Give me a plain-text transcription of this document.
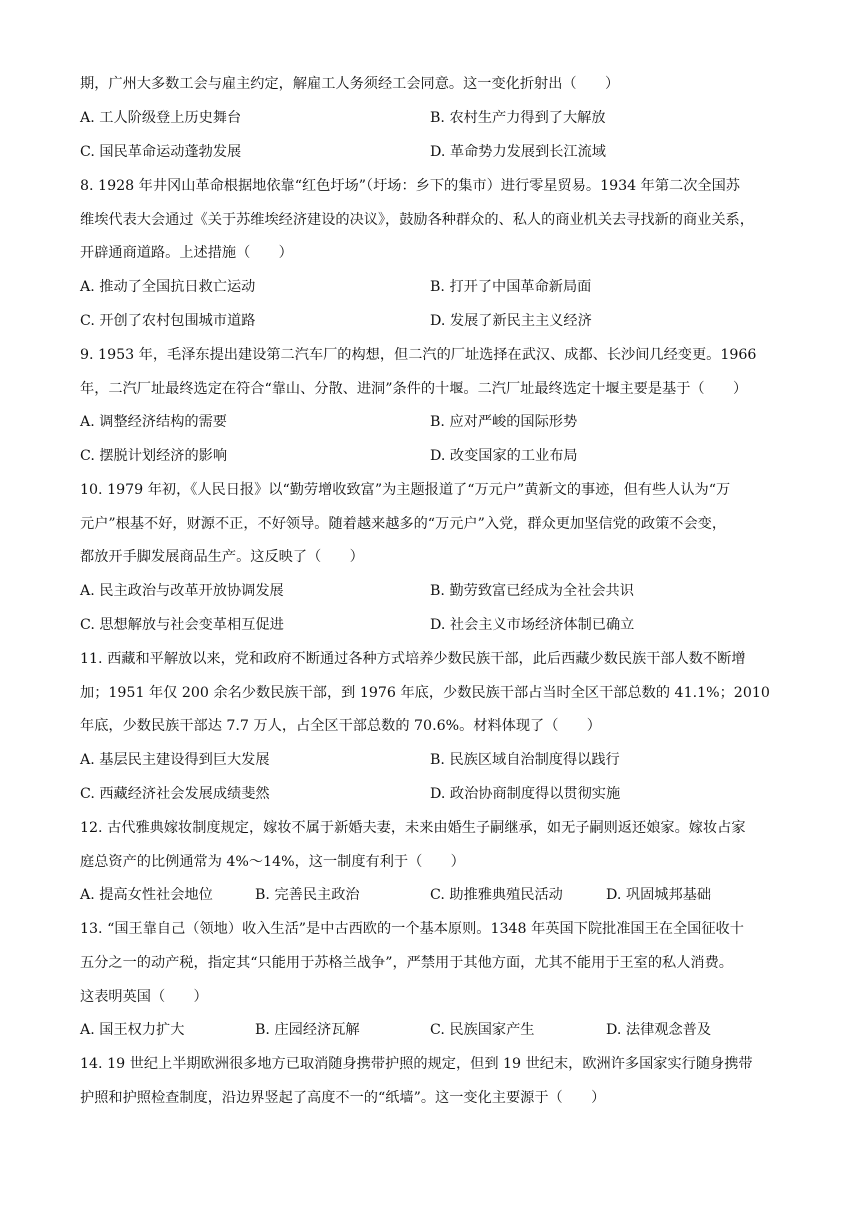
期，广州大多数工会与雇主约定，解雇工人务须经工会同意。这一变化折射出（　　）
A. 工人阶级登上历史舞台	B. 农村生产力得到了大解放
C. 国民革命运动蓬勃发展	D. 革命势力发展到长江流域
8. 1928 年井冈山革命根据地依靠“红色圩场”（圩场：乡下的集市）进行零星贸易。1934 年第二次全国苏
维埃代表大会通过《关于苏维埃经济建设的决议》，鼓励各种群众的、私人的商业机关去寻找新的商业关系，
开辟通商道路。上述措施（　　）
A. 推动了全国抗日救亡运动	B. 打开了中国革命新局面
C. 开创了农村包围城市道路	D. 发展了新民主主义经济
9. 1953 年，毛泽东提出建设第二汽车厂的构想，但二汽的厂址选择在武汉、成都、长沙间几经变更。1966
年，二汽厂址最终选定在符合“靠山、分散、进洞”条件的十堰。二汽厂址最终选定十堰主要是基于（　　）
A. 调整经济结构的需要	B. 应对严峻的国际形势
C. 摆脱计划经济的影响	D. 改变国家的工业布局
10. 1979 年初，《人民日报》以“勤劳增收致富”为主题报道了“万元户”黄新文的事迹，但有些人认为“万
元户”根基不好，财源不正，不好领导。随着越来越多的“万元户”入党，群众更加坚信党的政策不会变，
都放开手脚发展商品生产。这反映了（　　）
A. 民主政治与改革开放协调发展	B. 勤劳致富已经成为全社会共识
C. 思想解放与社会变革相互促进	D. 社会主义市场经济体制已确立
11. 西藏和平解放以来，党和政府不断通过各种方式培养少数民族干部，此后西藏少数民族干部人数不断增
加；1951 年仅 200 余名少数民族干部，到 1976 年底，少数民族干部占当时全区干部总数的 41.1%；2010
年底，少数民族干部达 7.7 万人，占全区干部总数的 70.6%。材料体现了（　　）
A. 基层民主建设得到巨大发展	B. 民族区域自治制度得以践行
C. 西藏经济社会发展成绩斐然	D. 政治协商制度得以贯彻实施
12. 古代雅典嫁妆制度规定，嫁妆不属于新婚夫妻，未来由婚生子嗣继承，如无子嗣则返还娘家。嫁妆占家
庭总资产的比例通常为 4%～14%，这一制度有利于（　　）
A. 提高女性社会地位	B. 完善民主政治	C. 助推雅典殖民活动	D. 巩固城邦基础
13. “国王靠自己（领地）收入生活”是中古西欧的一个基本原则。1348 年英国下院批准国王在全国征收十
五分之一的动产税，指定其“只能用于苏格兰战争”，严禁用于其他方面，尤其不能用于王室的私人消费。
这表明英国（　　）
A. 国王权力扩大	B. 庄园经济瓦解	C. 民族国家产生	D. 法律观念普及
14. 19 世纪上半期欧洲很多地方已取消随身携带护照的规定，但到 19 世纪末，欧洲许多国家实行随身携带
护照和护照检查制度，沿边界竖起了高度不一的“纸墙”。这一变化主要源于（　　）
